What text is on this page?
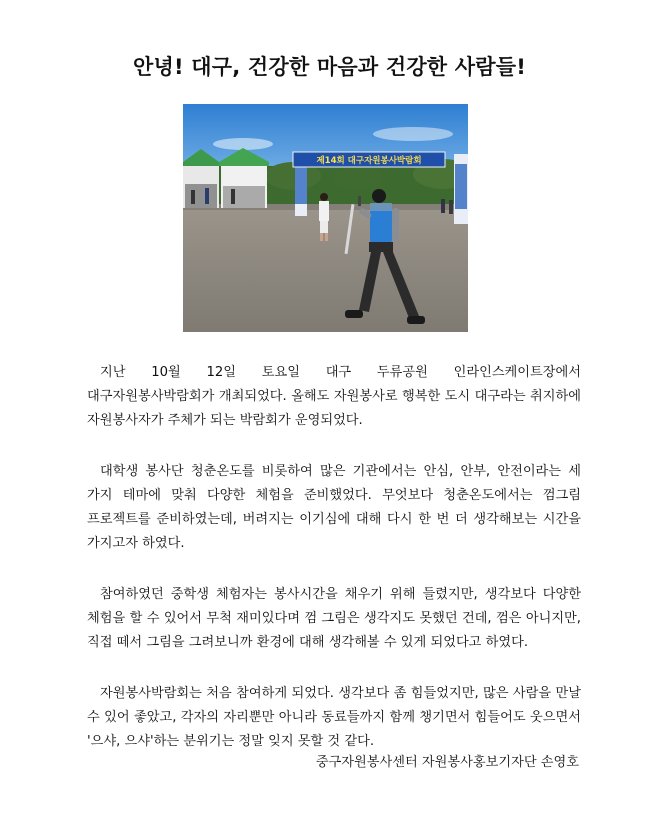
안녕! 대구, 건강한 마음과 건강한 사람들!
제14회 대구자원봉사박람회

지난 10월 12일 토요일 대구 두류공원 인라인스케이트장에서 대구자원봉사박람회가 개최되었다. 올해도 자원봉사로 행복한 도시 대구라는 취지하에 자원봉사자가 주체가 되는 박람회가 운영되었다.

대학생 봉사단 청춘온도를 비롯하여 많은 기관에서는 안심, 안부, 안전이라는 세 가지 테마에 맞춰 다양한 체험을 준비했었다. 무엇보다 청춘온도에서는 껌그림 프로젝트를 준비하였는데, 버려지는 이기심에 대해 다시 한 번 더 생각해보는 시간을 가지고자 하였다.

참여하였던 중학생 체험자는 봉사시간을 채우기 위해 들렸지만, 생각보다 다양한 체험을 할 수 있어서 무척 재미있다며 껌 그림은 생각지도 못했던 건데, 껌은 아니지만, 직접 떼서 그림을 그려보니까 환경에 대해 생각해볼 수 있게 되었다고 하였다.

자원봉사박람회는 처음 참여하게 되었다. 생각보다 좀 힘들었지만, 많은 사람을 만날 수 있어 좋았고, 각자의 자리뿐만 아니라 동료들까지 함께 챙기면서 힘들어도 웃으면서 '으샤, 으샤'하는 분위기는 정말 잊지 못할 것 같다.

중구자원봉사센터 자원봉사홍보기자단 손영호
